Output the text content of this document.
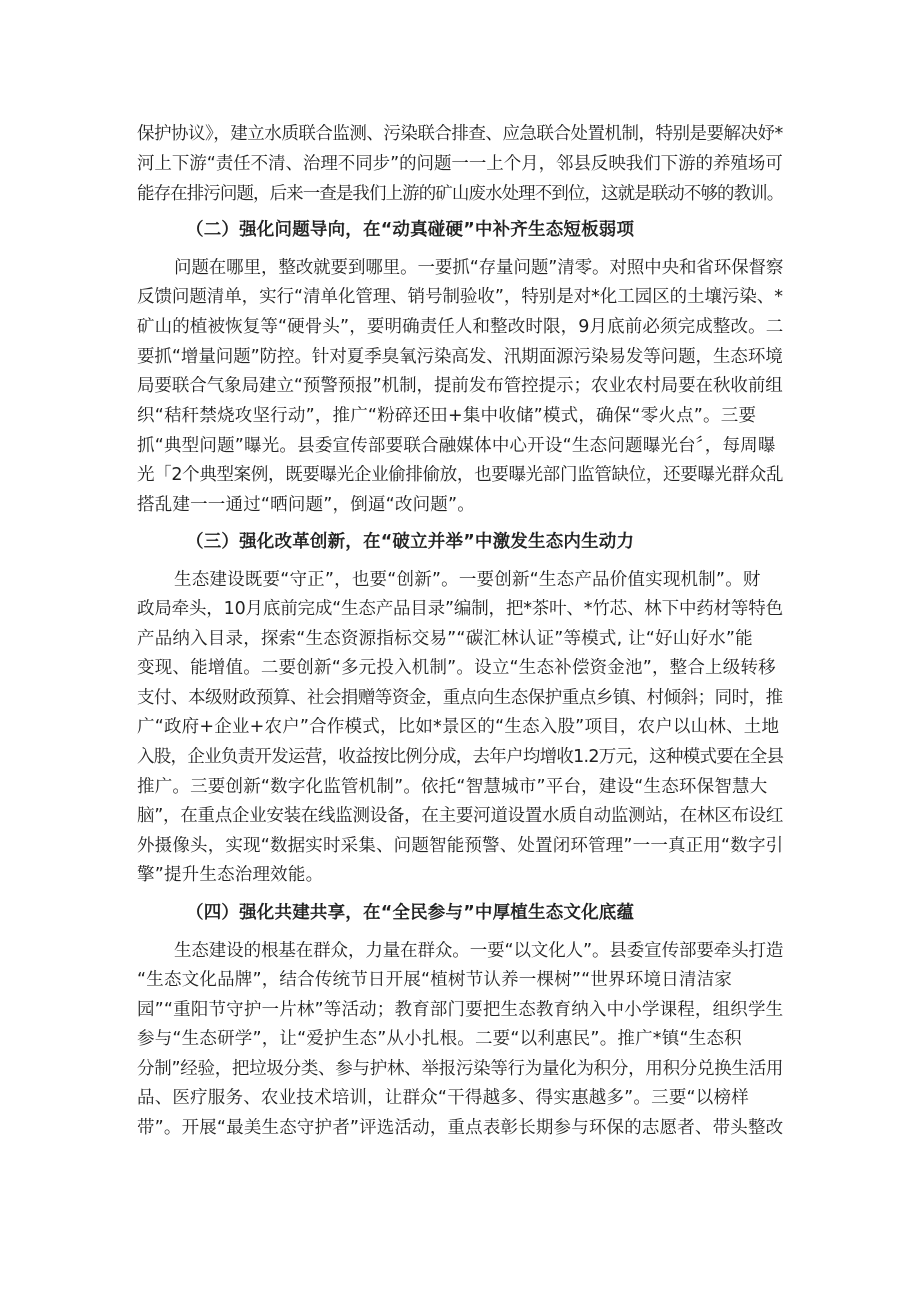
保护协议》，建立水质联合监测、污染联合排查、应急联合处置机制，特别是要解决妤*
河上下游“责任不清、治理不同步”的问题一一上个月，邻县反映我们下游的养殖场可
能存在排污问题，后来一查是我们上游的矿山废水处理不到位，这就是联动不够的教训。
（二）强化问题导向，在“动真碰硬”中补齐生态短板弱项
问题在哪里，整改就要到哪里。一要抓“存量问题”清零。对照中央和省环保督察
反馈问题清单，实行“清单化管理、销号制验收”，特别是对*化工园区的土壤污染、*
矿山的植被恢复等“硬骨头”，要明确责任人和整改时限，9月底前必须完成整改。二
要抓“增量问题”防控。针对夏季臭氧污染高发、汛期面源污染易发等问题，生态环境
局要联合气象局建立“预警预报”机制，提前发布管控提示；农业农村局要在秋收前组
织“秸秆禁烧攻坚行动”，推广“粉碎还田+集中收储”模式，确保“零火点”。三要
抓“典型问题”曝光。县委宣传部要联合融媒体中心开设“生态问题曝光台〞，每周曝
光「2个典型案例，既要曝光企业偷排偷放，也要曝光部门监管缺位，还要曝光群众乱
搭乱建一一通过“晒问题”，倒逼“改问题”。
（三）强化改革创新，在“破立并举”中激发生态内生动力
生态建设既要“守正”，也要“创新”。一要创新“生态产品价值实现机制”。财
政局牵头，10月底前完成“生态产品目录”编制，把*茶叶、*竹芯、林下中药材等特色
产品纳入目录，探索“生态资源指标交易”“碳汇林认证”等模式, 让“好山好水”能
变现、能增值。二要创新“多元投入机制”。设立“生态补偿资金池”，整合上级转移
支付、本级财政预算、社会捐赠等资金，重点向生态保护重点乡镇、村倾斜；同时，推
广“政府+企业+农户”合作模式，比如*景区的“生态入股”项目，农户以山林、土地
入股，企业负责开发运营，收益按比例分成，去年户均增收1.2万元，这种模式要在全县
推广。三要创新“数字化监管机制”。依托“智慧城市”平台，建设“生态环保智慧大
脑”，在重点企业安装在线监测设备，在主要河道设置水质自动监测站，在林区布设红
外摄像头，实现“数据实时采集、问题智能预警、处置闭环管理”一一真正用“数字引
擎”提升生态治理效能。
（四）强化共建共享，在“全民参与”中厚植生态文化底蕴
生态建设的根基在群众，力量在群众。一要“以文化人”。县委宣传部要牵头打造
“生态文化品牌”，结合传统节日开展“植树节认养一棵树”“世界环境日清洁家
园”“重阳节守护一片林”等活动；教育部门要把生态教育纳入中小学课程，组织学生
参与“生态研学”，让“爱护生态”从小扎根。二要“以利惠民”。推广*镇“生态积
分制”经验，把垃圾分类、参与护林、举报污染等行为量化为积分，用积分兑换生活用
品、医疗服务、农业技术培训，让群众“干得越多、得实惠越多”。三要“以榜样
带”。开展“最美生态守护者”评选活动，重点表彰长期参与环保的志愿者、带头整改
